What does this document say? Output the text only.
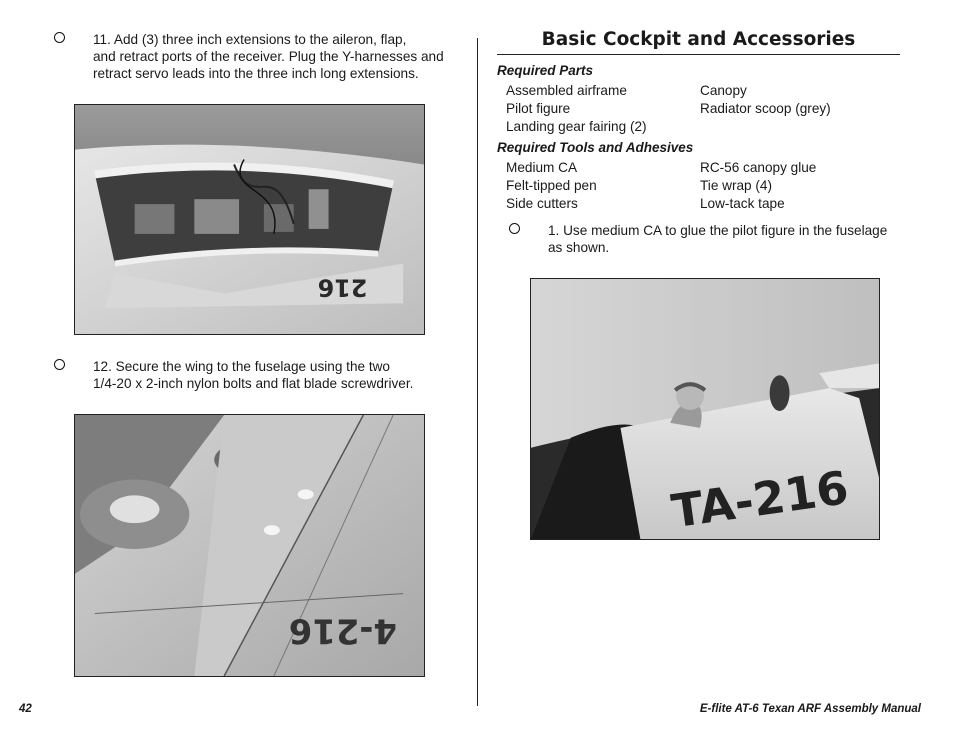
11. Add (3) three inch extensions to the aileron, flap,
and retract ports of the receiver. Plug the Y-harnesses and
retract servo leads into the three inch long extensions.
216
12. Secure the wing to the fuselage using the two
1/4-20 x 2-inch nylon bolts and flat blade screwdriver.
4-216
Basic Cockpit and Accessories
Required Parts
Assembled airframe	Canopy
Pilot figure	Radiator scoop (grey)
Landing gear fairing (2)
Required Tools and Adhesives
Medium CA	RC-56 canopy glue
Felt-tipped pen	Tie wrap (4)
Side cutters	Low-tack tape
1. Use medium CA to glue the pilot figure in the fuselage
as shown.
TA-216
42	E-flite AT-6 Texan ARF Assembly Manual
